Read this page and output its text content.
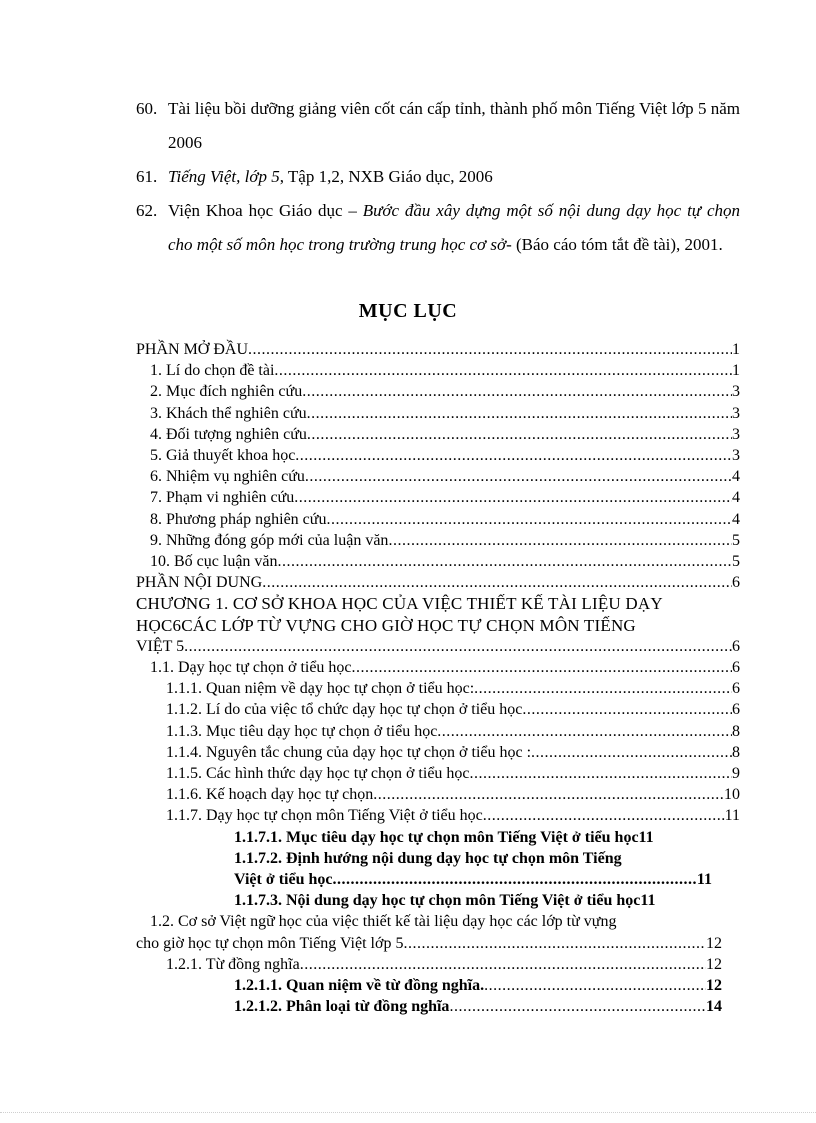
60. Tài liệu bồi dưỡng giảng viên cốt cán cấp tỉnh, thành phố môn Tiếng Việt lớp 5 năm 2006
61. Tiếng Việt, lớp 5, Tập 1,2, NXB Giáo dục, 2006
62. Viện Khoa học Giáo dục – Bước đầu xây dựng một số nội dung dạy học tự chọn cho một số môn học trong trường trung học cơ sở- (Báo cáo tóm tắt đề tài), 2001.
MỤC LỤC
PHẦN MỞ ĐẦU .....	1
1. Lí do chọn đề tài .....	1
2. Mục đích nghiên cứu .....	3
3. Khách thể nghiên cứu .....	3
4. Đối tượng nghiên cứu .....	3
5. Giả thuyết khoa học .....	3
6. Nhiệm vụ nghiên cứu .....	4
7. Phạm vi nghiên cứu .....	4
8. Phương pháp nghiên cứu .....	4
9. Những đóng góp mới của luận văn .....	5
10. Bố cục luận văn .....	5
PHẦN NỘI DUNG .....	6
CHƯƠNG 1. CƠ SỞ KHOA HỌC CỦA VIỆC THIẾT KẾ TÀI LIỆU DẠY HỌC6CÁC LỚP TỪ VỰNG CHO GIỜ HỌC TỰ CHỌN MÔN TIẾNG
VIỆT 5 .....	6
1.1. Dạy học tự chọn ở tiểu học .....	6
1.1.1. Quan niệm về dạy học tự chọn ở tiểu học: .....	6
1.1.2. Lí do của việc tổ chức dạy học tự chọn ở tiểu học .....	6
1.1.3. Mục tiêu dạy học tự chọn ở tiểu học .....	8
1.1.4. Nguyên tắc chung của dạy học tự chọn ở tiểu học : .....	8
1.1.5. Các hình thức dạy học tự chọn ở tiểu học .....	9
1.1.6. Kế hoạch dạy học tự chọn .....	10
1.1.7. Dạy học tự chọn môn Tiếng Việt ở tiểu học .....	11
1.1.7.1. Mục tiêu dạy học tự chọn môn Tiếng Việt ở tiểu học 11
1.1.7.2. Định hướng nội dung dạy học tự chọn môn Tiếng
Việt ở tiểu học .....	11
1.1.7.3. Nội dung dạy học tự chọn môn Tiếng Việt ở tiểu học 11
1.2. Cơ sở Việt ngữ học của việc thiết kế tài liệu dạy học các lớp từ vựng
cho giờ học tự chọn môn Tiếng Việt lớp 5 .....	12
1.2.1. Từ đồng nghĩa .....	12
1.2.1.1. Quan niệm về từ đồng nghĩa. .....	12
1.2.1.2. Phân loại từ đồng nghĩa .....	14
